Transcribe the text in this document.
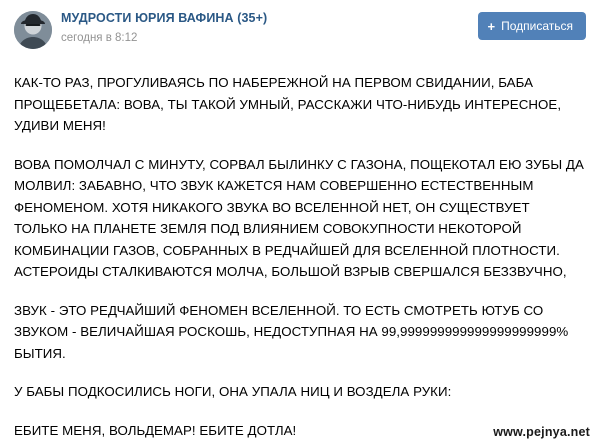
МУДРОСТИ ЮРИЯ ВАФИНА (35+)
сегодня в 8:12
+ Подписаться

КАК-ТО РАЗ, ПРОГУЛИВАЯСЬ ПО НАБЕРЕЖНОЙ НА ПЕРВОМ СВИДАНИИ, БАБА ПРОЩЕБЕТАЛА: ВОВА, ТЫ ТАКОЙ УМНЫЙ, РАССКАЖИ ЧТО-НИБУДЬ ИНТЕРЕСНОЕ, УДИВИ МЕНЯ!

ВОВА ПОМОЛЧАЛ С МИНУТУ, СОРВАЛ БЫЛИНКУ С ГАЗОНА, ПОЩЕКОТАЛ ЕЮ ЗУБЫ ДА МОЛВИЛ: ЗАБАВНО, ЧТО ЗВУК КАЖЕТСЯ НАМ СОВЕРШЕННО ЕСТЕСТВЕННЫМ ФЕНОМЕНОМ. ХОТЯ НИКАКОГО ЗВУКА ВО ВСЕЛЕННОЙ НЕТ, ОН СУЩЕСТВУЕТ ТОЛЬКО НА ПЛАНЕТЕ ЗЕМЛЯ ПОД ВЛИЯНИЕМ СОВОКУПНОСТИ НЕКОТОРОЙ КОМБИНАЦИИ ГАЗОВ, СОБРАННЫХ В РЕДЧАЙШЕЙ ДЛЯ ВСЕЛЕННОЙ ПЛОТНОСТИ. АСТЕРОИДЫ СТАЛКИВАЮТСЯ МОЛЧА, БОЛЬШОЙ ВЗРЫВ СВЕРШАЛСЯ БЕЗЗВУЧНО,

ЗВУК - ЭТО РЕДЧАЙШИЙ ФЕНОМЕН ВСЕЛЕННОЙ. ТО ЕСТЬ СМОТРЕТЬ ЮТУБ СО ЗВУКОМ - ВЕЛИЧАЙШАЯ РОСКОШЬ, НЕДОСТУПНАЯ НА 99,999999999999999999999% БЫТИЯ.

У БАБЫ ПОДКОСИЛИСЬ НОГИ, ОНА УПАЛА НИЦ И ВОЗДЕЛА РУКИ:

ЕБИТЕ МЕНЯ, ВОЛЬДЕМАР! ЕБИТЕ ДОТЛА!	www.pejnya.net
